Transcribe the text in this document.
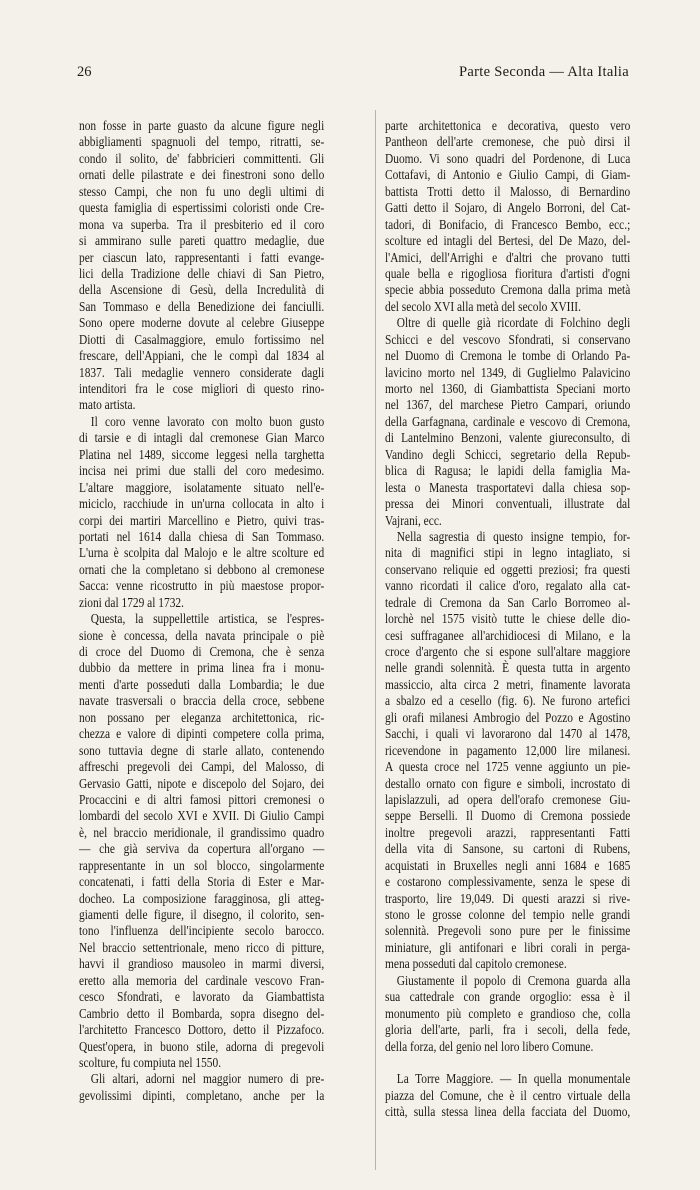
26	Parte Seconda — Alta Italia
non fosse in parte guasto da alcune figure negli
abbigliamenti spagnuoli del tempo, ritratti, se-
condo il solito, de' fabbricieri committenti. Gli
ornati delle pilastrate e dei finestroni sono dello
stesso Campi, che non fu uno degli ultimi di
questa famiglia di espertissimi coloristi onde Cre-
mona va superba. Tra il presbiterio ed il coro
si ammirano sulle pareti quattro medaglie, due
per ciascun lato, rappresentanti i fatti evange-
lici della Tradizione delle chiavi di San Pietro,
della Ascensione di Gesù, della Incredulità di
San Tommaso e della Benedizione dei fanciulli.
Sono opere moderne dovute al celebre Giuseppe
Diotti di Casalmaggiore, emulo fortissimo nel
frescare, dell'Appiani, che le compì dal 1834 al
1837. Tali medaglie vennero considerate dagli
intenditori fra le cose migliori di questo rino-
mato artista.
Il coro venne lavorato con molto buon gusto
di tarsie e di intagli dal cremonese Gian Marco
Platina nel 1489, siccome leggesi nella targhetta
incisa nei primi due stalli del coro medesimo.
L'altare maggiore, isolatamente situato nell'e-
miciclo, racchiude in un'urna collocata in alto i
corpi dei martiri Marcellino e Pietro, quivi tras-
portati nel 1614 dalla chiesa di San Tommaso.
L'urna è scolpita dal Malojo e le altre scolture ed
ornati che la completano si debbono al cremonese
Sacca: venne ricostrutto in più maestose propor-
zioni dal 1729 al 1732.
Questa, la suppellettile artistica, se l'espres-
sione è concessa, della navata principale o piè
di croce del Duomo di Cremona, che è senza
dubbio da mettere in prima linea fra i monu-
menti d'arte posseduti dalla Lombardia; le due
navate trasversali o braccia della croce, sebbene
non possano per eleganza architettonica, ric-
chezza e valore di dipinti competere colla prima,
sono tuttavia degne di starle allato, contenendo
affreschi pregevoli dei Campi, del Malosso, di
Gervasio Gatti, nipote e discepolo del Sojaro, dei
Procaccini e di altri famosi pittori cremonesi o
lombardi del secolo XVI e XVII. Di Giulio Campi
è, nel braccio meridionale, il grandissimo quadro
— che già serviva da copertura all'organo —
rappresentante in un sol blocco, singolarmente
concatenati, i fatti della Storia di Ester e Mar-
docheo. La composizione faragginosa, gli atteg-
giamenti delle figure, il disegno, il colorito, sen-
tono l'influenza dell'incipiente secolo barocco.
Nel braccio settentrionale, meno ricco di pitture,
havvi il grandioso mausoleo in marmi diversi,
eretto alla memoria del cardinale vescovo Fran-
cesco Sfondrati, e lavorato da Giambattista
Cambrio detto il Bombarda, sopra disegno del-
l'architetto Francesco Dottoro, detto il Pizzafoco.
Quest'opera, in buono stile, adorna di pregevoli
scolture, fu compiuta nel 1550.
Gli altari, adorni nel maggior numero di pre-
gevolissimi dipinti, completano, anche per la
parte architettonica e decorativa, questo vero
Pantheon dell'arte cremonese, che può dirsi il
Duomo. Vi sono quadri del Pordenone, di Luca
Cottafavi, di Antonio e Giulio Campi, di Giam-
battista Trotti detto il Malosso, di Bernardino
Gatti detto il Sojaro, di Angelo Borroni, del Cat-
tadori, di Bonifacio, di Francesco Bembo, ecc.;
scolture ed intagli del Bertesi, del De Mazo, del-
l'Amici, dell'Arrighi e d'altri che provano tutti
quale bella e rigogliosa fioritura d'artisti d'ogni
specie abbia posseduto Cremona dalla prima metà
del secolo XVI alla metà del secolo XVIII.
Oltre di quelle già ricordate di Folchino degli
Schicci e del vescovo Sfondrati, si conservano
nel Duomo di Cremona le tombe di Orlando Pa-
lavicino morto nel 1349, di Guglielmo Palavicino
morto nel 1360, di Giambattista Speciani morto
nel 1367, del marchese Pietro Campari, oriundo
della Garfagnana, cardinale e vescovo di Cremona,
di Lantelmino Benzoni, valente giureconsulto, di
Vandino degli Schicci, segretario della Repub-
blica di Ragusa; le lapidi della famiglia Ma-
lesta o Manesta trasportatevi dalla chiesa sop-
pressa dei Minori conventuali, illustrate dal
Vajrani, ecc.
Nella sagrestia di questo insigne tempio, for-
nita di magnifici stipi in legno intagliato, si
conservano reliquie ed oggetti preziosi; fra questi
vanno ricordati il calice d'oro, regalato alla cat-
tedrale di Cremona da San Carlo Borromeo al-
lorchè nel 1575 visitò tutte le chiese delle dio-
cesi suffraganee all'archidiocesi di Milano, e la
croce d'argento che si espone sull'altare maggiore
nelle grandi solennità. È questa tutta in argento
massiccio, alta circa 2 metri, finamente lavorata
a sbalzo ed a cesello (fig. 6). Ne furono artefici
gli orafi milanesi Ambrogio del Pozzo e Agostino
Sacchi, i quali vi lavorarono dal 1470 al 1478,
ricevendone in pagamento 12,000 lire milanesi.
A questa croce nel 1725 venne aggiunto un pie-
destallo ornato con figure e simboli, incrostato di
lapislazzuli, ad opera dell'orafo cremonese Giu-
seppe Berselli. Il Duomo di Cremona possiede
inoltre pregevoli arazzi, rappresentanti Fatti
della vita di Sansone, su cartoni di Rubens,
acquistati in Bruxelles negli anni 1684 e 1685
e costarono complessivamente, senza le spese di
trasporto, lire 19,049. Di questi arazzi si rive-
stono le grosse colonne del tempio nelle grandi
solennità. Pregevoli sono pure per le finissime
miniature, gli antifonari e libri corali in perga-
mena posseduti dal capitolo cremonese.
Giustamente il popolo di Cremona guarda alla
sua cattedrale con grande orgoglio: essa è il
monumento più completo e grandioso che, colla
gloria dell'arte, parli, fra i secoli, della fede,
della forza, del genio nel loro libero Comune.
La Torre Maggiore. — In quella monumentale
piazza del Comune, che è il centro virtuale della
città, sulla stessa linea della facciata del Duomo,
